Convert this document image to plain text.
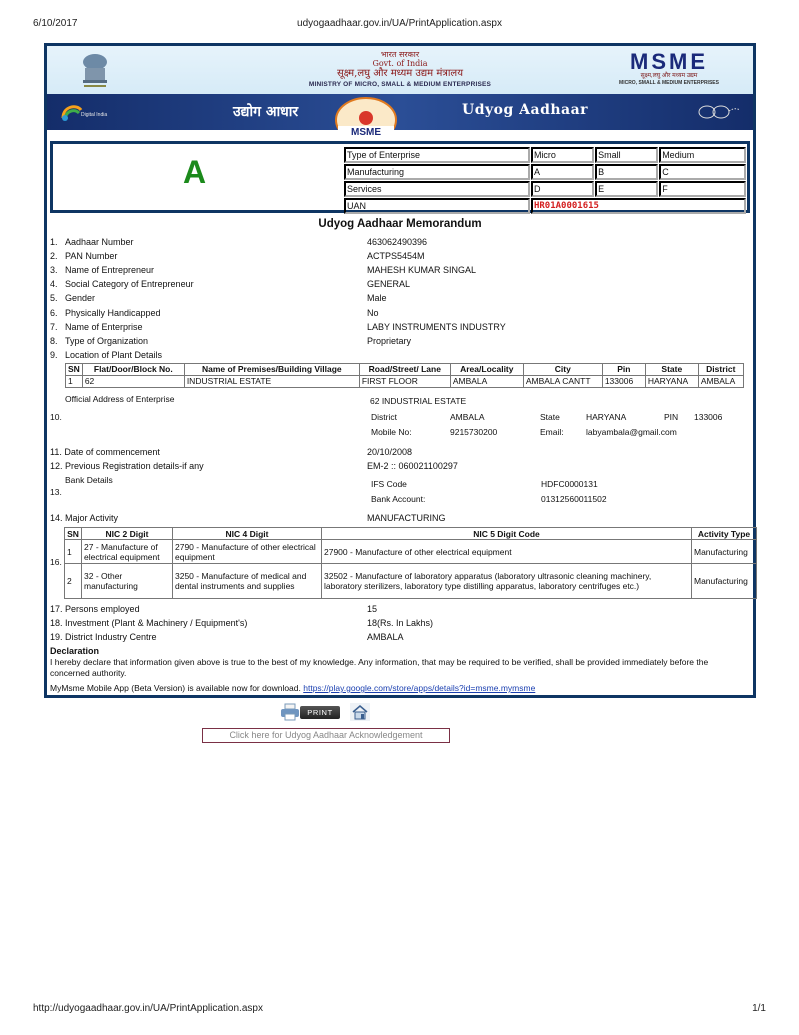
6/10/2017	udyogaadhaar.gov.in/UA/PrintApplication.aspx
भारत सरकार
Govt. of India
सूक्ष्म,लघु और मध्यम उद्यम मंत्रालय
MINISTRY OF MICRO, SMALL & MEDIUM ENTERPRISES
MSME
सूक्ष्म,लघु और मध्यम उद्यम
MICRO, SMALL & MEDIUM ENTERPRISES
Digital India	उद्योग आधार
MSME
Udyog Aadhaar
A	Type of Enterprise	Micro	Small	Medium
Manufacturing	A	B	C
Services	D	E	F
UAN	HR01A0001615		
Udyog Aadhaar Memorandum
1. Aadhaar Number	463062490396
2. PAN Number	ACTPS5454M
3. Name of Entrepreneur	MAHESH KUMAR SINGAL
4. Social Category of Entrepreneur	GENERAL
5. Gender	Male
6. Physically Handicapped	No
7. Name of Enterprise	LABY INSTRUMENTS INDUSTRY
8. Type of Organization	Proprietary
9. Location of Plant Details
SN	Flat/Door/Block No.	Name of Premises/Building Village	Road/Street/ Lane	Area/Locality	City	Pin	State	District
1	62	INDUSTRIAL ESTATE	FIRST FLOOR	AMBALA	AMBALA CANTT	133006	HARYANA	AMBALA
Official Address of Enterprise
10.
62 INDUSTRIAL ESTATE
District	AMBALA	State	HARYANA	PIN 133006
Mobile No:	9215730200	Email:	labyambala@gmail.com
11. Date of commencement	20/10/2008
12. Previous Registration details-if any	EM-2 :: 060021100297
Bank Details
13.
IFS Code	HDFC0000131
Bank Account:	01312560011502
14. Major Activity	MANUFACTURING
16.
SN	NIC 2 Digit	NIC 4 Digit	NIC 5 Digit Code	Activity Type
1	27 - Manufacture of electrical equipment	2790 - Manufacture of other electrical equipment	27900 - Manufacture of other electrical equipment	Manufacturing
2	32 - Other manufacturing	3250 - Manufacture of medical and dental instruments and supplies	32502 - Manufacture of laboratory apparatus (laboratory ultrasonic cleaning machinery, laboratory sterilizers, laboratory type distilling apparatus, laboratory centrifuges etc.)	Manufacturing
17. Persons employed	15
18. Investment (Plant & Machinery / Equipment's)	18(Rs. In Lakhs)
19. District Industry Centre	AMBALA
Declaration
I hereby declare that information given above is true to the best of my knowledge. Any information, that may be required to be verified, shall be provided immediately before the concerned authority.
MyMsme Mobile App (Beta Version) is available now for download. https://play.google.com/store/apps/details?id=msme.mymsme
PRINT
Click here for Udyog Aadhaar Acknowledgement
http://udyogaadhaar.gov.in/UA/PrintApplication.aspx	1/1
